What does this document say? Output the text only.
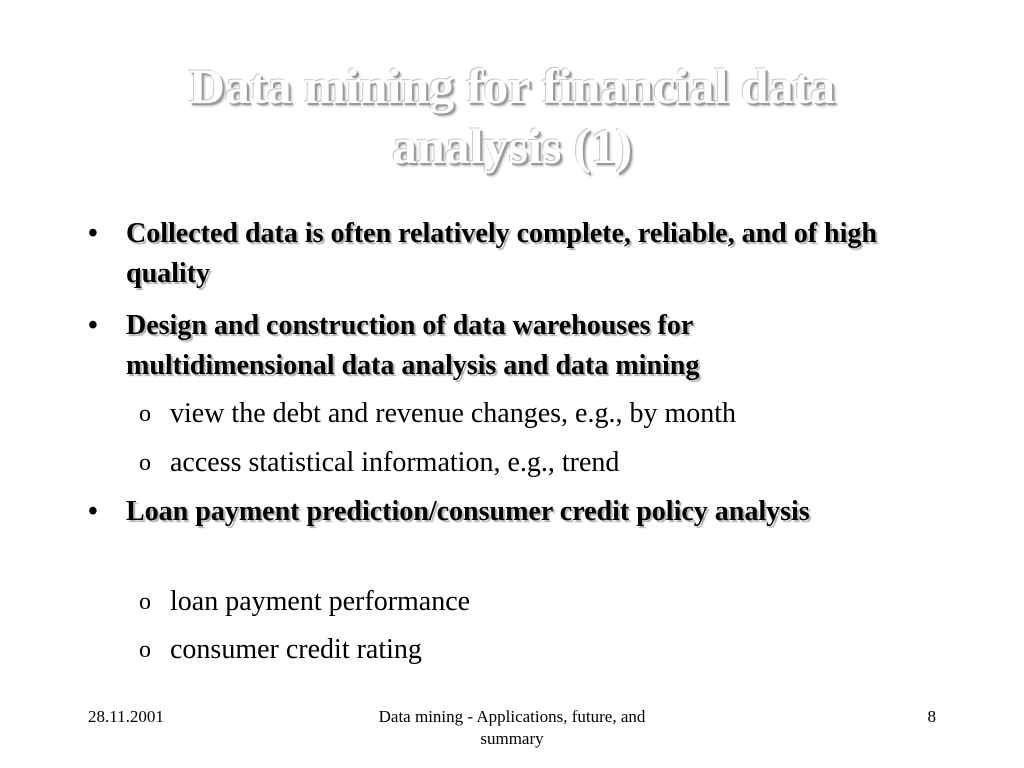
Data mining for financial data analysis (1)
• Collected data is often relatively complete, reliable, and of high quality
• Design and construction of data warehouses for multidimensional data analysis and data mining
o view the debt and revenue changes, e.g., by month
o access statistical information, e.g., trend
• Loan payment prediction/consumer credit policy analysis
o loan payment performance
o consumer credit rating
28.11.2001	Data mining - Applications, future, and summary
8
